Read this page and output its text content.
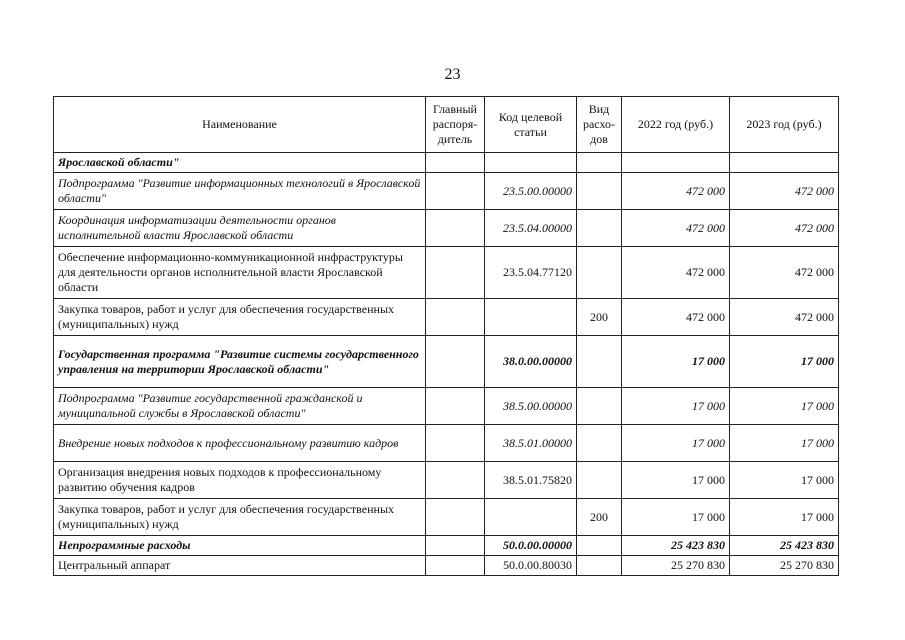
23
Наименование	Главный распоря-дитель	Код целевой статьи	Вид расхо-дов	2022 год (руб.)	2023 год (руб.)
Ярославской области"					
Подпрограмма "Развитие информационных технологий в Ярославской области"		23.5.00.00000		472 000	472 000
Координация информатизации деятельности органов исполнительной власти Ярославской области		23.5.04.00000		472 000	472 000
Обеспечение информационно-коммуникационной инфраструктуры для деятельности органов исполнительной власти Ярославской области		23.5.04.77120		472 000	472 000
Закупка товаров, работ и услуг для обеспечения государственных (муниципальных) нужд			200	472 000	472 000
Государственная программа "Развитие системы государственного управления на территории Ярославской области"		38.0.00.00000		17 000	17 000
Подпрограмма "Развитие государственной гражданской и муниципальной службы в Ярославской области"		38.5.00.00000		17 000	17 000
Внедрение новых подходов к профессиональному развитию кадров		38.5.01.00000		17 000	17 000
Организация внедрения новых подходов к профессиональному развитию обучения кадров		38.5.01.75820		17 000	17 000
Закупка товаров, работ и услуг для обеспечения государственных (муниципальных) нужд			200	17 000	17 000
Непрограммные расходы		50.0.00.00000		25 423 830	25 423 830
Центральный аппарат		50.0.00.80030		25 270 830	25 270 830
